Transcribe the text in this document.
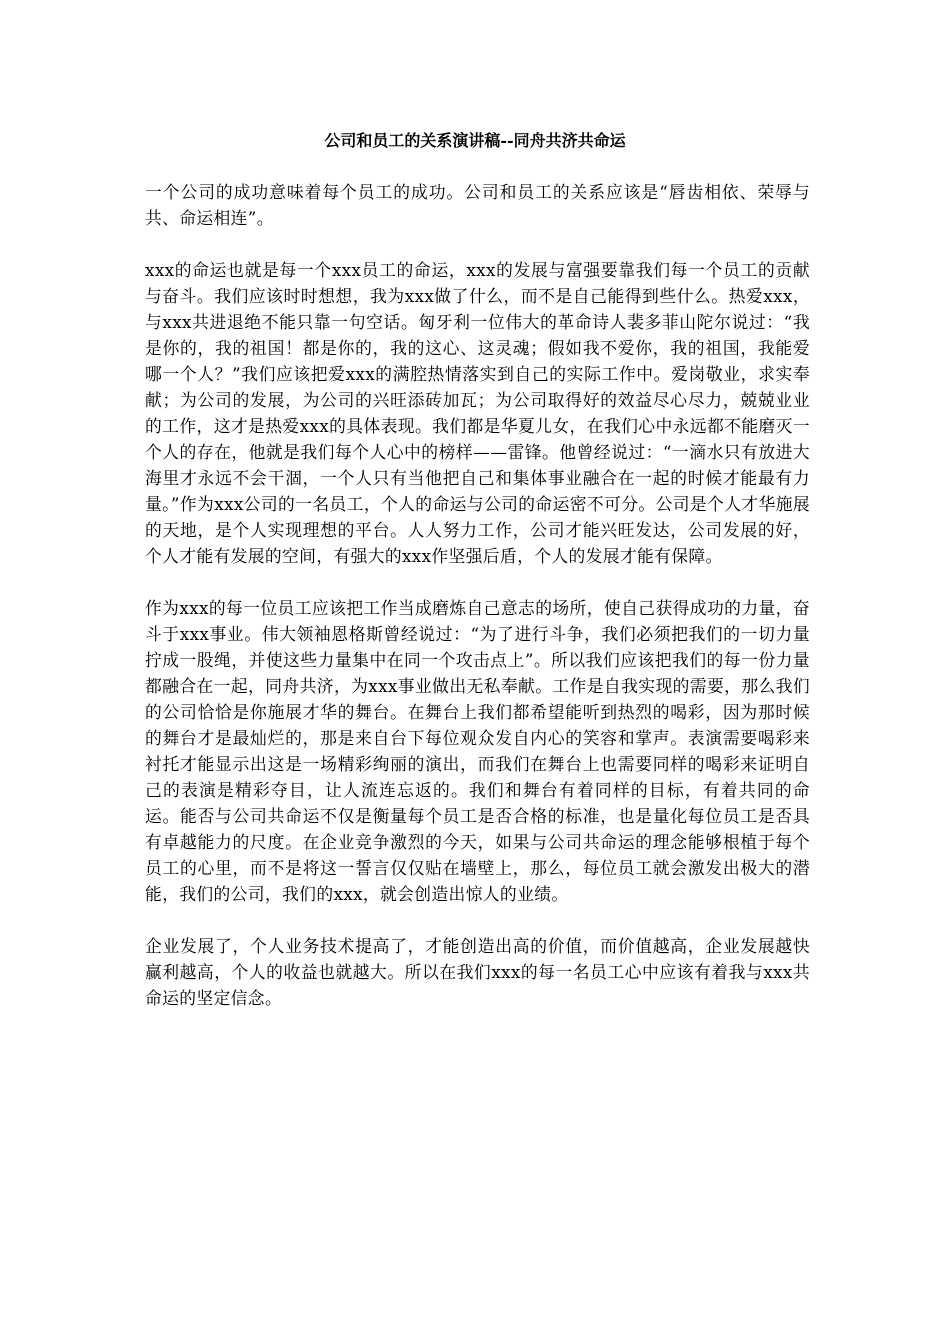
公司和员工的关系演讲稿--同舟共济共命运

一个公司的成功意味着每个员工的成功。公司和员工的关系应该是“唇齿相依、荣辱与共、命运相连”。

xxx的命运也就是每一个xxx员工的命运，xxx的发展与富强要靠我们每一个员工的贡献与奋斗。我们应该时时想想，我为xxx做了什么，而不是自己能得到些什么。热爱xxx，与xxx共进退绝不能只靠一句空话。匈牙利一位伟大的革命诗人裴多菲山陀尔说过：“我是你的，我的祖国！都是你的，我的这心、这灵魂；假如我不爱你，我的祖国，我能爱哪一个人？”我们应该把爱xxx的满腔热情落实到自己的实际工作中。爱岗敬业，求实奉献；为公司的发展，为公司的兴旺添砖加瓦；为公司取得好的效益尽心尽力，兢兢业业的工作，这才是热爱xxx的具体表现。我们都是华夏儿女，在我们心中永远都不能磨灭一个人的存在，他就是我们每个人心中的榜样——雷锋。他曾经说过：“一滴水只有放进大海里才永远不会干涸，一个人只有当他把自己和集体事业融合在一起的时候才能最有力量。”作为xxx公司的一名员工，个人的命运与公司的命运密不可分。公司是个人才华施展的天地，是个人实现理想的平台。人人努力工作，公司才能兴旺发达，公司发展的好，个人才能有发展的空间，有强大的xxx作坚强后盾，个人的发展才能有保障。

作为xxx的每一位员工应该把工作当成磨炼自己意志的场所，使自己获得成功的力量，奋斗于xxx事业。伟大领袖恩格斯曾经说过：“为了进行斗争，我们必须把我们的一切力量拧成一股绳，并使这些力量集中在同一个攻击点上”。所以我们应该把我们的每一份力量都融合在一起，同舟共济，为xxx事业做出无私奉献。工作是自我实现的需要，那么我们的公司恰恰是你施展才华的舞台。在舞台上我们都希望能听到热烈的喝彩，因为那时候的舞台才是最灿烂的，那是来自台下每位观众发自内心的笑容和掌声。表演需要喝彩来衬托才能显示出这是一场精彩绚丽的演出，而我们在舞台上也需要同样的喝彩来证明自己的表演是精彩夺目，让人流连忘返的。我们和舞台有着同样的目标，有着共同的命运。能否与公司共命运不仅是衡量每个员工是否合格的标准，也是量化每位员工是否具有卓越能力的尺度。在企业竞争激烈的今天，如果与公司共命运的理念能够根植于每个员工的心里，而不是将这一誓言仅仅贴在墙壁上，那么，每位员工就会激发出极大的潜能，我们的公司，我们的xxx，就会创造出惊人的业绩。

企业发展了，个人业务技术提高了，才能创造出高的价值，而价值越高，企业发展越快赢利越高，个人的收益也就越大。所以在我们xxx的每一名员工心中应该有着我与xxx共命运的坚定信念。
